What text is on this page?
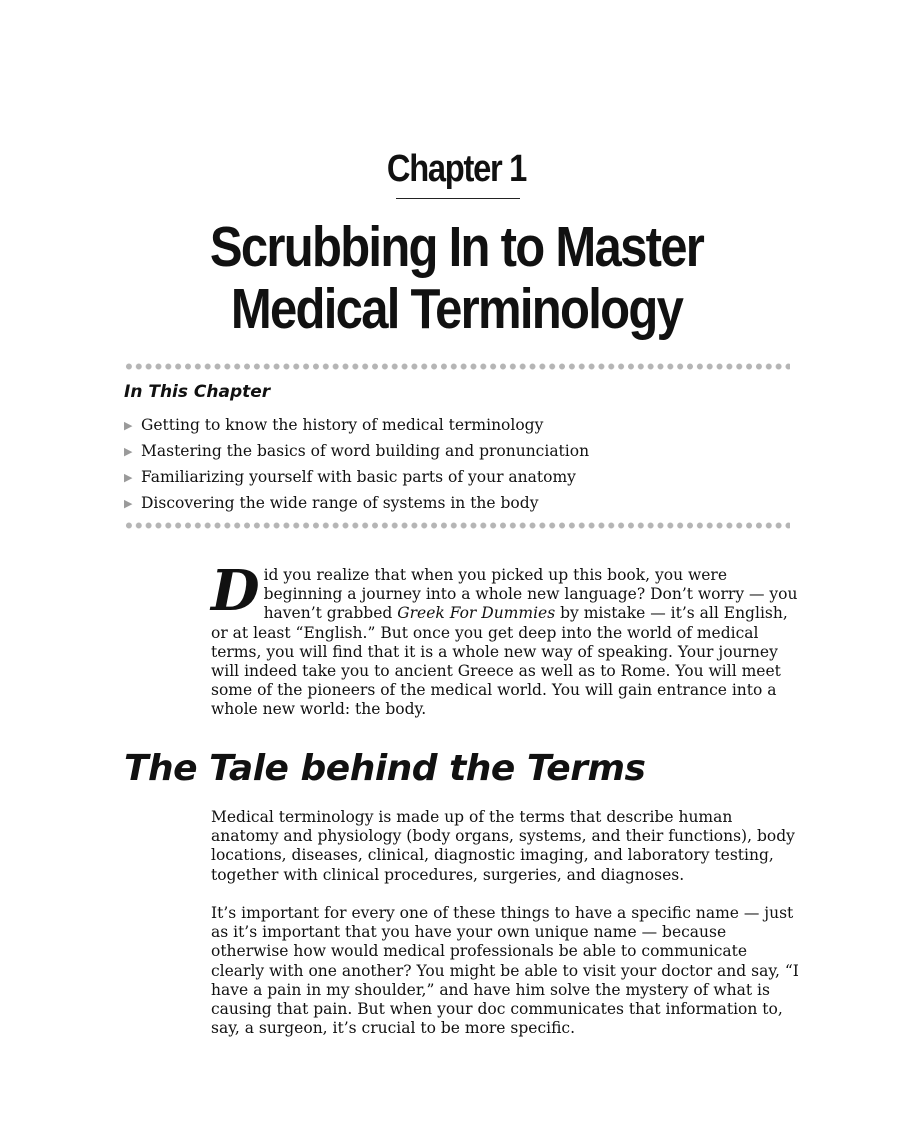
Chapter 1
Scrubbing In to Master Medical Terminology
In This Chapter
▶ Getting to know the history of medical terminology
▶ Mastering the basics of word building and pronunciation
▶ Familiarizing yourself with basic parts of your anatomy
▶ Discovering the wide range of systems in the body

Did you realize that when you picked up this book, you were beginning a journey into a whole new language? Don’t worry — you haven’t grabbed Greek For Dummies by mistake — it’s all English, or at least “English.” But once you get deep into the world of medical terms, you will find that it is a whole new way of speaking. Your journey will indeed take you to ancient Greece as well as to Rome. You will meet some of the pioneers of the medical world. You will gain entrance into a whole new world: the body.

The Tale behind the Terms

Medical terminology is made up of the terms that describe human anatomy and physiology (body organs, systems, and their functions), body locations, diseases, clinical, diagnostic imaging, and laboratory testing, together with clinical procedures, surgeries, and diagnoses.

It’s important for every one of these things to have a specific name — just as it’s important that you have your own unique name — because otherwise how would medical professionals be able to communicate clearly with one another? You might be able to visit your doctor and say, “I have a pain in my shoulder,” and have him solve the mystery of what is causing that pain. But when your doc communicates that information to, say, a surgeon, it’s crucial to be more specific.
